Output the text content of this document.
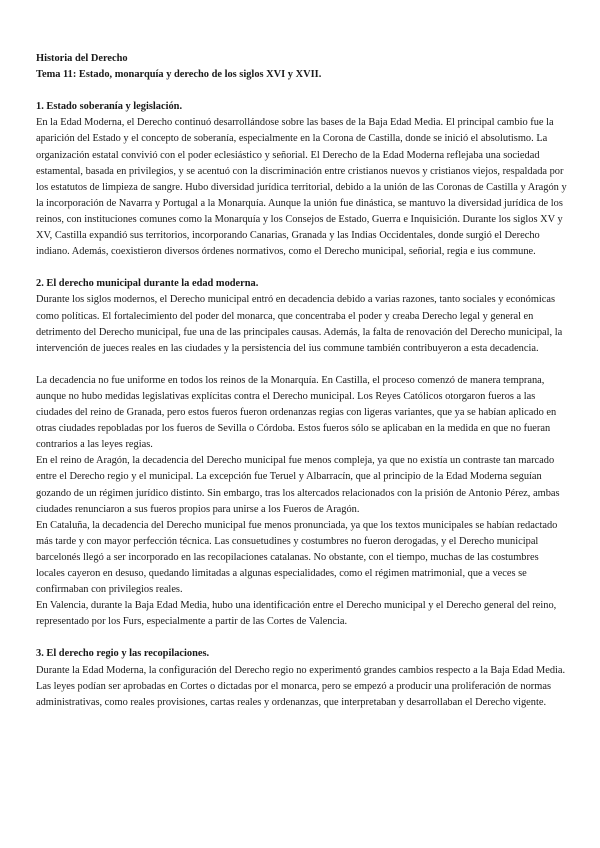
Historia del Derecho
Tema 11: Estado, monarquía y derecho de los siglos XVI y XVII.
1. Estado soberanía y legislación.

En la Edad Moderna, el Derecho continuó desarrollándose sobre las bases de la Baja Edad Media. El principal cambio fue la aparición del Estado y el concepto de soberanía, especialmente en la Corona de Castilla, donde se inició el absolutismo. La organización estatal convivió con el poder eclesiástico y señorial. El Derecho de la Edad Moderna reflejaba una sociedad estamental, basada en privilegios, y se acentuó con la discriminación entre cristianos nuevos y cristianos viejos, respaldada por los estatutos de limpieza de sangre. Hubo diversidad jurídica territorial, debido a la unión de las Coronas de Castilla y Aragón y la incorporación de Navarra y Portugal a la Monarquía. Aunque la unión fue dinástica, se mantuvo la diversidad jurídica de los reinos, con instituciones comunes como la Monarquía y los Consejos de Estado, Guerra e Inquisición. Durante los siglos XV y XV, Castilla expandió sus territorios, incorporando Canarias, Granada y las Indias Occidentales, donde surgió el Derecho indiano. Además, coexistieron diversos órdenes normativos, como el Derecho municipal, señorial, regia e ius commune.

2. El derecho municipal durante la edad moderna.

Durante los siglos modernos, el Derecho municipal entró en decadencia debido a varias razones, tanto sociales y económicas como políticas. El fortalecimiento del poder del monarca, que concentraba el poder y creaba Derecho legal y general en detrimento del Derecho municipal, fue una de las principales causas. Además, la falta de renovación del Derecho municipal, la intervención de jueces reales en las ciudades y la persistencia del ius commune también contribuyeron a esta decadencia.

La decadencia no fue uniforme en todos los reinos de la Monarquía. En Castilla, el proceso comenzó de manera temprana, aunque no hubo medidas legislativas explícitas contra el Derecho municipal. Los Reyes Católicos otorgaron fueros a las ciudades del reino de Granada, pero estos fueros fueron ordenanzas regias con ligeras variantes, que ya se habían aplicado en otras ciudades repobladas por los fueros de Sevilla o Córdoba. Estos fueros sólo se aplicaban en la medida en que no fueran contrarios a las leyes regias.

En el reino de Aragón, la decadencia del Derecho municipal fue menos compleja, ya que no existía un contraste tan marcado entre el Derecho regio y el municipal. La excepción fue Teruel y Albarracín, que al principio de la Edad Moderna seguían gozando de un régimen jurídico distinto. Sin embargo, tras los altercados relacionados con la prisión de Antonio Pérez, ambas ciudades renunciaron a sus fueros propios para unirse a los Fueros de Aragón.

En Cataluña, la decadencia del Derecho municipal fue menos pronunciada, ya que los textos municipales se habían redactado más tarde y con mayor perfección técnica. Las consuetudines y costumbres no fueron derogadas, y el Derecho municipal barcelonés llegó a ser incorporado en las recopilaciones catalanas. No obstante, con el tiempo, muchas de las costumbres locales cayeron en desuso, quedando limitadas a algunas especialidades, como el régimen matrimonial, que a veces se confirmaban con privilegios reales.

En Valencia, durante la Baja Edad Media, hubo una identificación entre el Derecho municipal y el Derecho general del reino, representado por los Furs, especialmente a partir de las Cortes de Valencia.

3. El derecho regio y las recopilaciones.

Durante la Edad Moderna, la configuración del Derecho regio no experimentó grandes cambios respecto a la Baja Edad Media. Las leyes podían ser aprobadas en Cortes o dictadas por el monarca, pero se empezó a producir una proliferación de normas administrativas, como reales provisiones, cartas reales y ordenanzas, que interpretaban y desarrollaban el Derecho vigente.
